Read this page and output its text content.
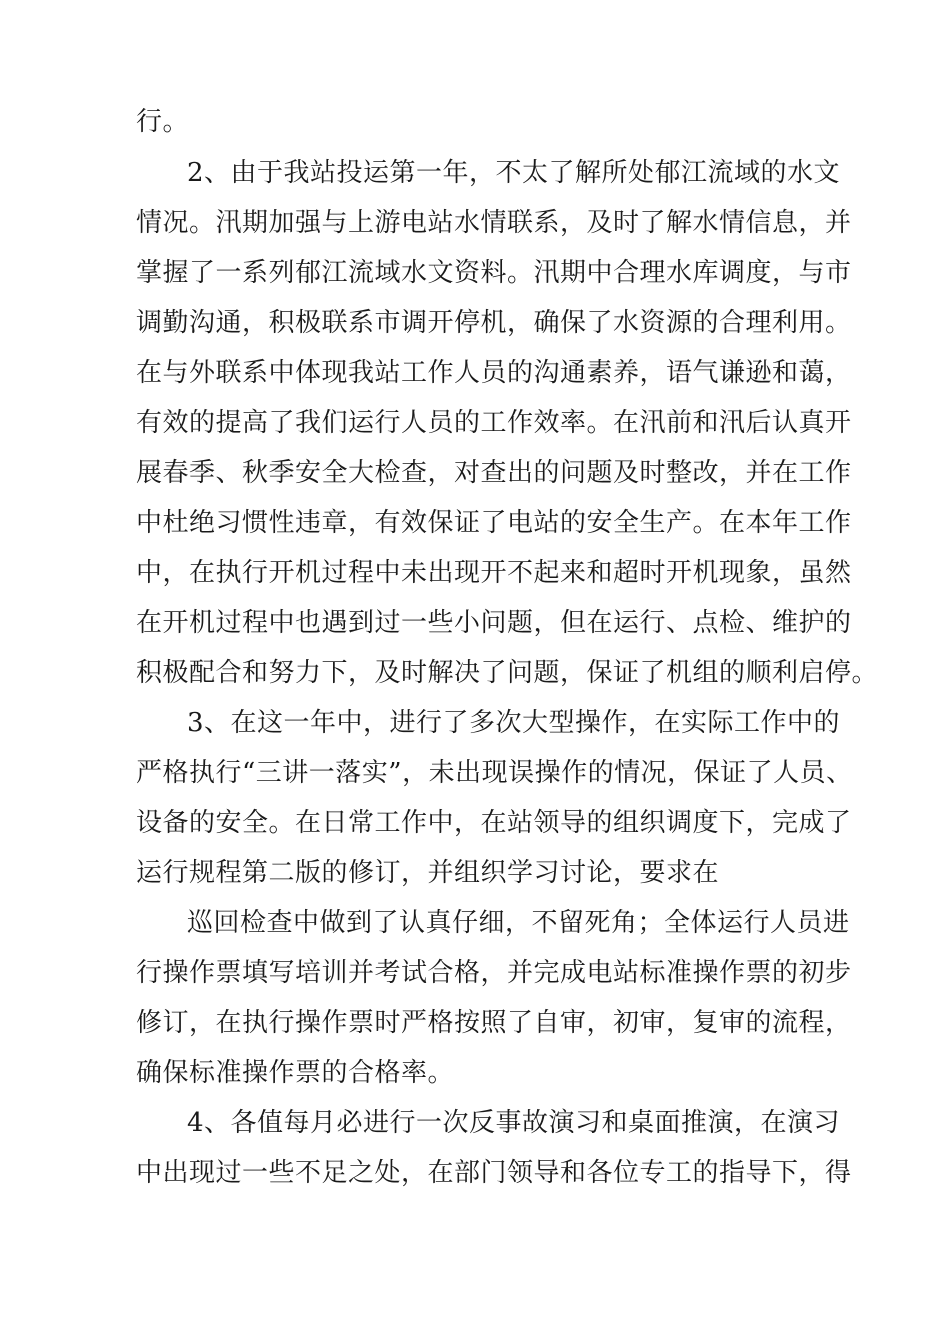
行。
2、由于我站投运第一年，不太了解所处郁江流域的水文
情况。汛期加强与上游电站水情联系，及时了解水情信息，并
掌握了一系列郁江流域水文资料。汛期中合理水库调度，与市
调勤沟通，积极联系市调开停机，确保了水资源的合理利用。
在与外联系中体现我站工作人员的沟通素养，语气谦逊和蔼，
有效的提高了我们运行人员的工作效率。在汛前和汛后认真开
展春季、秋季安全大检查，对查出的问题及时整改，并在工作
中杜绝习惯性违章，有效保证了电站的安全生产。在本年工作
中，在执行开机过程中未出现开不起来和超时开机现象，虽然
在开机过程中也遇到过一些小问题，但在运行、点检、维护的
积极配合和努力下，及时解决了问题，保证了机组的顺利启停。
3、在这一年中，进行了多次大型操作，在实际工作中的
严格执行“三讲一落实”，未出现误操作的情况，保证了人员、
设备的安全。在日常工作中，在站领导的组织调度下，完成了
运行规程第二版的修订，并组织学习讨论，要求在
巡回检查中做到了认真仔细，不留死角；全体运行人员进
行操作票填写培训并考试合格，并完成电站标准操作票的初步
修订，在执行操作票时严格按照了自审，初审，复审的流程，
确保标准操作票的合格率。
4、各值每月必进行一次反事故演习和桌面推演，在演习
中出现过一些不足之处，在部门领导和各位专工的指导下，得
